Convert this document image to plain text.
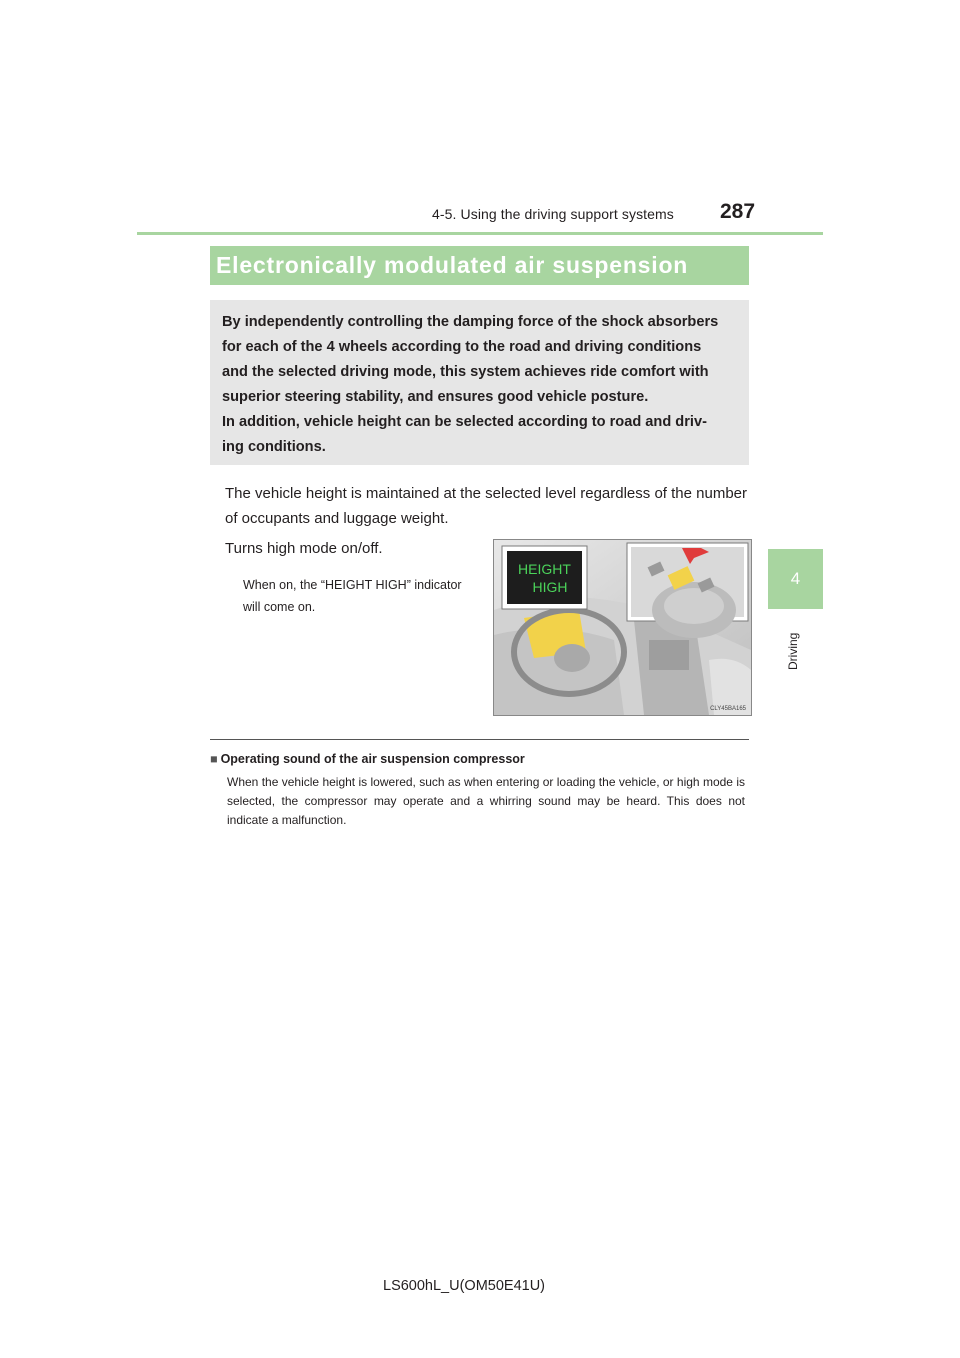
4-5. Using the driving support systems 287
4
Driving
Electronically modulated air suspension

By independently controlling the damping force of the shock absorbers

for each of the 4 wheels according to the road and driving conditions

and the selected driving mode, this system achieves ride comfort with

superior steering stability, and ensures good vehicle posture.

In addition, vehicle height can be selected according to road and driv-

ing conditions.

The vehicle height is maintained at the selected level regardless of the number of occupants and luggage weight.

Turns high mode on/off.

When on, the “HEIGHT HIGH” indicator will come on.

HEIGHT
HIGH
CLY45BA165

■ Operating sound of the air suspension compressor

When the vehicle height is lowered, such as when entering or loading the vehicle, or high mode is selected, the compressor may operate and a whirring sound may be heard. This does not indicate a malfunction.

LS600hL_U(OM50E41U)
